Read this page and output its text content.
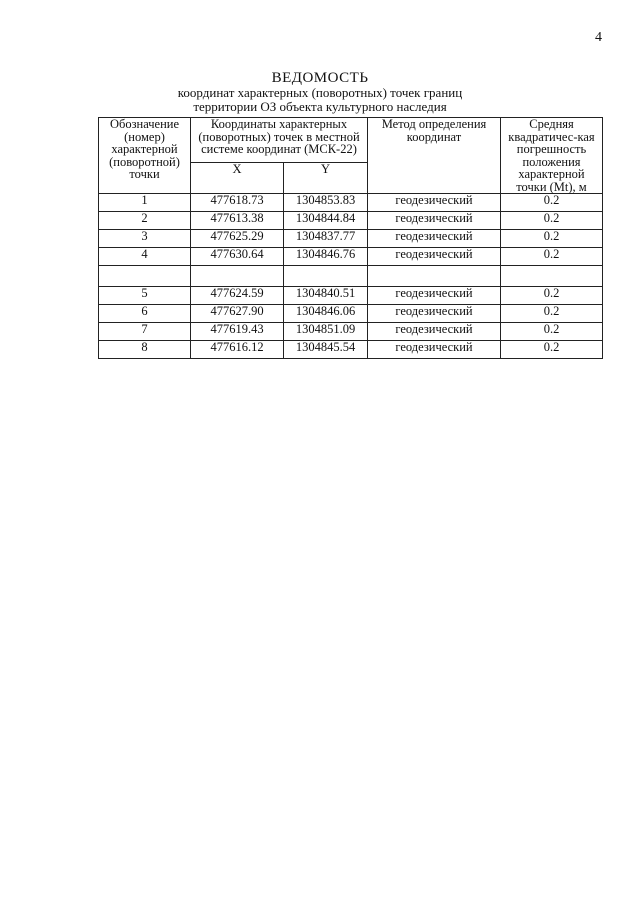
4
ВЕДОМОСТЬ
координат характерных (поворотных) точек границ
территории ОЗ объекта культурного наследия
Обозначение (номер) характерной (поворотной) точки	Координаты характерных (поворотных) точек в местной системе координат (МСК-22)		Метод определения координат	Средняя квадратичес-кая погрешность положения характерной точки (Mt), м
	X	Y		
1	477618.73	1304853.83	геодезический	0.2
2	477613.38	1304844.84	геодезический	0.2
3	477625.29	1304837.77	геодезический	0.2
4	477630.64	1304846.76	геодезический	0.2

5	477624.59	1304840.51	геодезический	0.2
6	477627.90	1304846.06	геодезический	0.2
7	477619.43	1304851.09	геодезический	0.2
8	477616.12	1304845.54	геодезический	0.2
